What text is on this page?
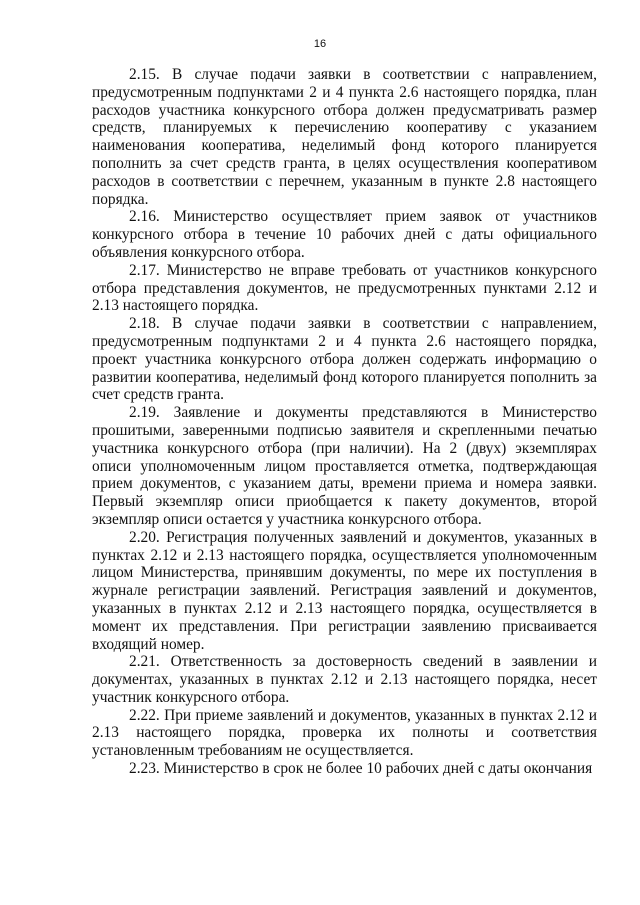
16

2.15. В случае подачи заявки в соответствии с направлением, предусмотренным подпунктами 2 и 4 пункта 2.6 настоящего порядка, план расходов участника конкурсного отбора должен предусматривать размер средств, планируемых к перечислению кооперативу с указанием наименования кооператива, неделимый фонд которого планируется пополнить за счет средств гранта, в целях осуществления кооперативом расходов в соответствии с перечнем, указанным в пункте 2.8 настоящего порядка.

2.16. Министерство осуществляет прием заявок от участников конкурсного отбора в течение 10 рабочих дней с даты официального объявления конкурсного отбора.

2.17. Министерство не вправе требовать от участников конкурсного отбора представления документов, не предусмотренных пунктами 2.12 и 2.13 настоящего порядка.

2.18. В случае подачи заявки в соответствии с направлением, предусмотренным подпунктами 2 и 4 пункта 2.6 настоящего порядка, проект участника конкурсного отбора должен содержать информацию о развитии кооператива, неделимый фонд которого планируется пополнить за счет средств гранта.

2.19. Заявление и документы представляются в Министерство прошитыми, заверенными подписью заявителя и скрепленными печатью участника конкурсного отбора (при наличии). На 2 (двух) экземплярах описи уполномоченным лицом проставляется отметка, подтверждающая прием документов, с указанием даты, времени приема и номера заявки. Первый экземпляр описи приобщается к пакету документов, второй экземпляр описи остается у участника конкурсного отбора.

2.20. Регистрация полученных заявлений и документов, указанных в пунктах 2.12 и 2.13 настоящего порядка, осуществляется уполномоченным лицом Министерства, принявшим документы, по мере их поступления в журнале регистрации заявлений. Регистрация заявлений и документов, указанных в пунктах 2.12 и 2.13 настоящего порядка, осуществляется в момент их представления. При регистрации заявлению присваивается входящий номер.

2.21. Ответственность за достоверность сведений в заявлении и документах, указанных в пунктах 2.12 и 2.13 настоящего порядка, несет участник конкурсного отбора.

2.22. При приеме заявлений и документов, указанных в пунктах 2.12 и 2.13 настоящего порядка, проверка их полноты и соответствия установленным требованиям не осуществляется.

2.23. Министерство в срок не более 10 рабочих дней с даты окончания
